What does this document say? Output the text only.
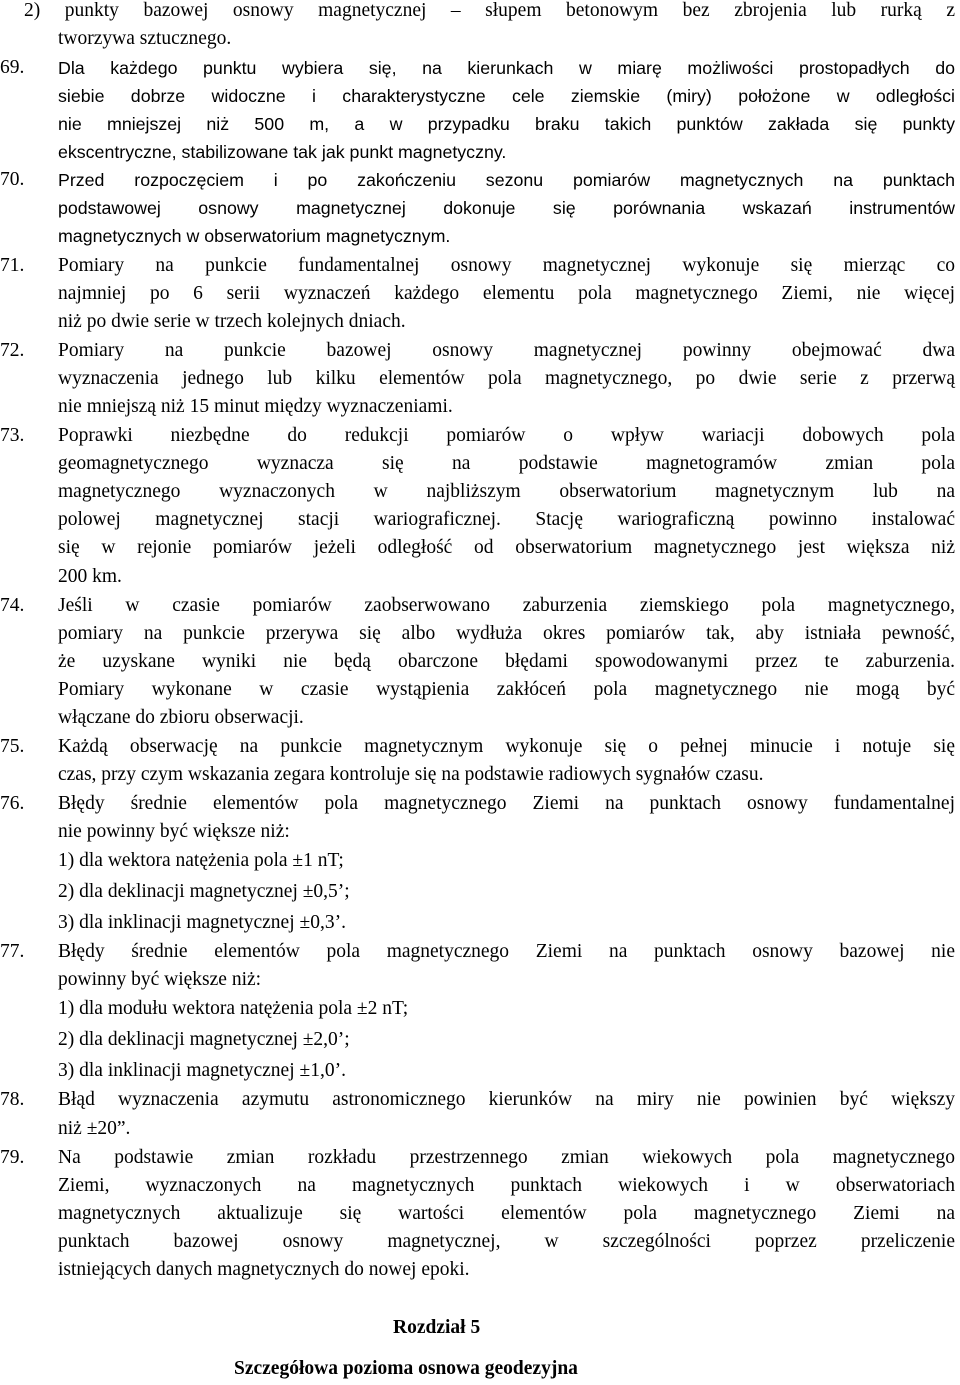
2) punkty bazowej osnowy magnetycznej – słupem betonowym bez zbrojenia lub rurką z
tworzywa sztucznego.
69. Dla każdego punktu wybiera się, na kierunkach w miarę możliwości prostopadłych do
siebie dobrze widoczne i charakterystyczne cele ziemskie (miry) położone w odległości
nie mniejszej niż 500 m, a w przypadku braku takich punktów zakłada się punkty
ekscentryczne, stabilizowane tak jak punkt magnetyczny.
70. Przed rozpoczęciem i po zakończeniu sezonu pomiarów magnetycznych na punktach
podstawowej osnowy magnetycznej dokonuje się porównania wskazań instrumentów
magnetycznych w obserwatorium magnetycznym.
71. Pomiary na punkcie fundamentalnej osnowy magnetycznej wykonuje się mierząc co
najmniej po 6 serii wyznaczeń każdego elementu pola magnetycznego Ziemi, nie więcej
niż po dwie serie w trzech kolejnych dniach.
72. Pomiary na punkcie bazowej osnowy magnetycznej powinny obejmować dwa
wyznaczenia jednego lub kilku elementów pola magnetycznego, po dwie serie z przerwą
nie mniejszą niż 15 minut między wyznaczeniami.
73. Poprawki niezbędne do redukcji pomiarów o wpływ wariacji dobowych pola
geomagnetycznego wyznacza się na podstawie magnetogramów zmian pola
magnetycznego wyznaczonych w najbliższym obserwatorium magnetycznym lub na
polowej magnetycznej stacji wariograficznej. Stację wariograficzną powinno instalować
się w rejonie pomiarów jeżeli odległość od obserwatorium magnetycznego jest większa niż
200 km.
74. Jeśli w czasie pomiarów zaobserwowano zaburzenia ziemskiego pola magnetycznego,
pomiary na punkcie przerywa się albo wydłuża okres pomiarów tak, aby istniała pewność,
że uzyskane wyniki nie będą obarczone błędami spowodowanymi przez te zaburzenia.
Pomiary wykonane w czasie wystąpienia zakłóceń pola magnetycznego nie mogą być
włączane do zbioru obserwacji.
75. Każdą obserwację na punkcie magnetycznym wykonuje się o pełnej minucie i notuje się
czas, przy czym wskazania zegara kontroluje się na podstawie radiowych sygnałów czasu.
76. Błędy średnie elementów pola magnetycznego Ziemi na punktach osnowy fundamentalnej
nie powinny być większe niż:
1) dla wektora natężenia pola ±1 nT;
2) dla deklinacji magnetycznej ±0,5’;
3) dla inklinacji magnetycznej ±0,3’.
77. Błędy średnie elementów pola magnetycznego Ziemi na punktach osnowy bazowej nie
powinny być większe niż:
1) dla modułu wektora natężenia pola ±2 nT;
2) dla deklinacji magnetycznej ±2,0’;
3) dla inklinacji magnetycznej ±1,0’.
78. Błąd wyznaczenia azymutu astronomicznego kierunków na miry nie powinien być większy
niż ±20”.
79. Na podstawie zmian rozkładu przestrzennego zmian wiekowych pola magnetycznego
Ziemi, wyznaczonych na magnetycznych punktach wiekowych i w obserwatoriach
magnetycznych aktualizuje się wartości elementów pola magnetycznego Ziemi na
punktach bazowej osnowy magnetycznej, w szczególności poprzez przeliczenie
istniejących danych magnetycznych do nowej epoki.
Rozdział 5
Szczegółowa pozioma osnowa geodezyjna
